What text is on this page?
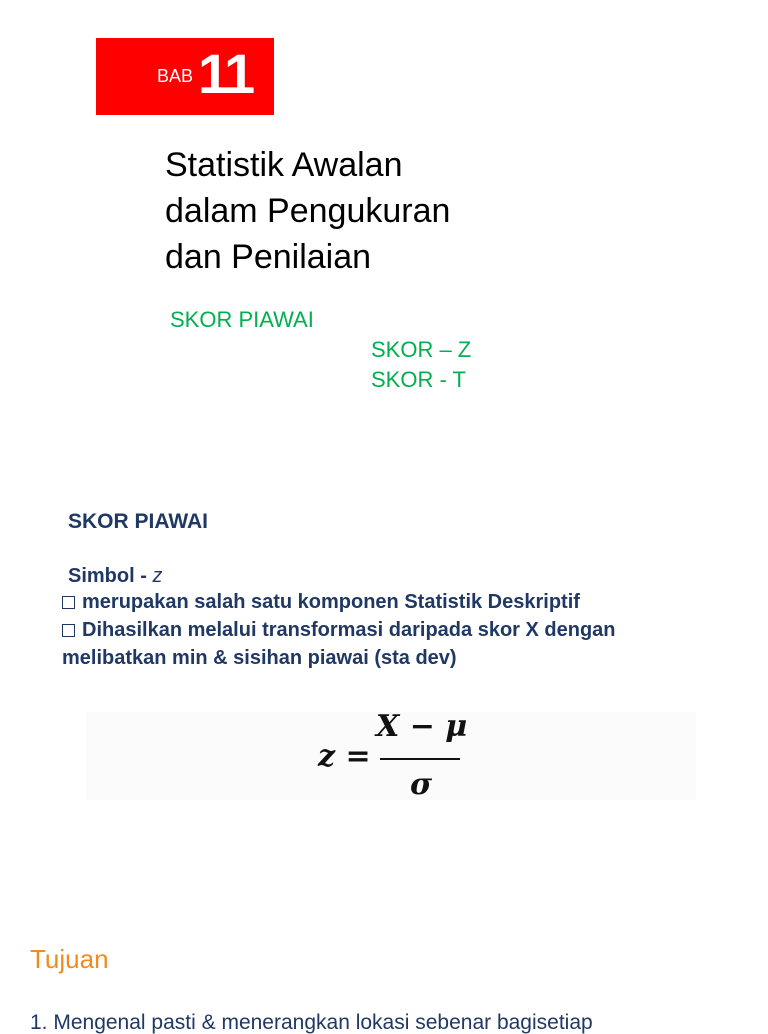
BAB 11
Statistik Awalan
dalam Pengukuran
dan Penilaian
SKOR PIAWAI
SKOR – Z
SKOR - T
SKOR PIAWAI
Simbol - z
merupakan salah satu komponen Statistik Deskriptif
Dihasilkan melalui transformasi daripada skor X dengan
melibatkan min & sisihan piawai (sta dev)
z =
X − μ
σ
Tujuan
1. Mengenal pasti & menerangkan lokasi sebenar bagisetiap
